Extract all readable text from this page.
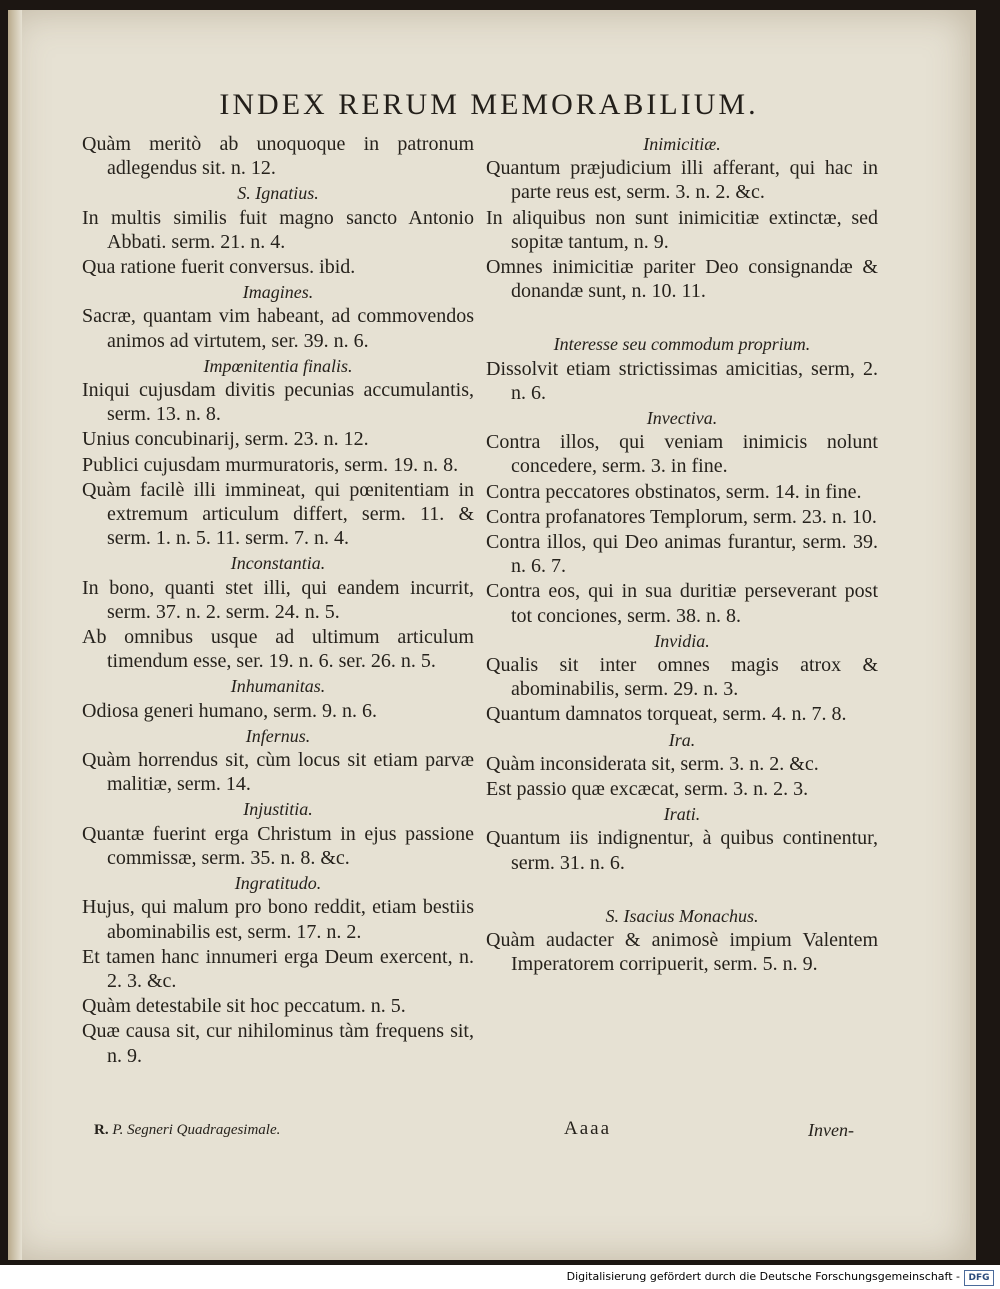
INDEX RERUM MEMORABILIUM.
Quàm meritò ab unoquoque in patronum adlegendus sit. n. 12.
S. Ignatius.
In multis similis fuit magno sancto Antonio Abbati. serm. 21. n. 4.
Qua ratione fuerit conversus. ibid.
Imagines.
Sacræ, quantam vim habeant, ad commovendos animos ad virtutem, ser. 39. n. 6.
Impœnitentia finalis.
Iniqui cujusdam divitis pecunias accumulantis, serm. 13. n. 8.
Unius concubinarij, serm. 23. n. 12.
Publici cujusdam murmuratoris, serm. 19. n. 8.
Quàm facilè illi immineat, qui pœnitentiam in extremum articulum differt, serm. 11. & serm. 1. n. 5. 11. serm. 7. n. 4.
Inconstantia.
In bono, quanti stet illi, qui eandem incurrit, serm. 37. n. 2. serm. 24. n. 5.
Ab omnibus usque ad ultimum articulum timendum esse, ser. 19. n. 6. ser. 26. n. 5.
Inhumanitas.
Odiosa generi humano, serm. 9. n. 6.
Infernus.
Quàm horrendus sit, cùm locus sit etiam parvæ malitiæ, serm. 14.
Injustitia.
Quantæ fuerint erga Christum in ejus passione commissæ, serm. 35. n. 8. &c.
Ingratitudo.
Hujus, qui malum pro bono reddit, etiam bestiis abominabilis est, serm. 17. n. 2.
Et tamen hanc innumeri erga Deum exercent, n. 2. 3. &c.
Quàm detestabile sit hoc peccatum. n. 5.
Quæ causa sit, cur nihilominus tàm frequens sit, n. 9.
Inimicitiæ.
Quantum præjudicium illi afferant, qui hac in parte reus est, serm. 3. n. 2. &c.
In aliquibus non sunt inimicitiæ extinctæ, sed sopitæ tantum, n. 9.
Omnes inimicitiæ pariter Deo consignandæ & donandæ sunt, n. 10. 11.
Interesse seu commodum proprium.
Dissolvit etiam strictissimas amicitias, serm, 2. n. 6.
Invectiva.
Contra illos, qui veniam inimicis nolunt concedere, serm. 3. in fine.
Contra peccatores obstinatos, serm. 14. in fine.
Contra profanatores Templorum, serm. 23. n. 10.
Contra illos, qui Deo animas furantur, serm. 39. n. 6. 7.
Contra eos, qui in sua duritiæ perseverant post tot conciones, serm. 38. n. 8.
Invidia.
Qualis sit inter omnes magis atrox & abominabilis, serm. 29. n. 3.
Quantum damnatos torqueat, serm. 4. n. 7. 8.
Ira.
Quàm inconsiderata sit, serm. 3. n. 2. &c.
Est passio quæ excæcat, serm. 3. n. 2. 3.
Irati.
Quantum iis indignentur, à quibus continentur, serm. 31. n. 6.
S. Isacius Monachus.
Quàm audacter & animosè impium Valentem Imperatorem corripuerit, serm. 5. n. 9.
R. P. Segneri Quadragesimale.	Aaaa	Inven-
Digitalisierung gefördert durch die Deutsche Forschungsgemeinschaft - DFG
